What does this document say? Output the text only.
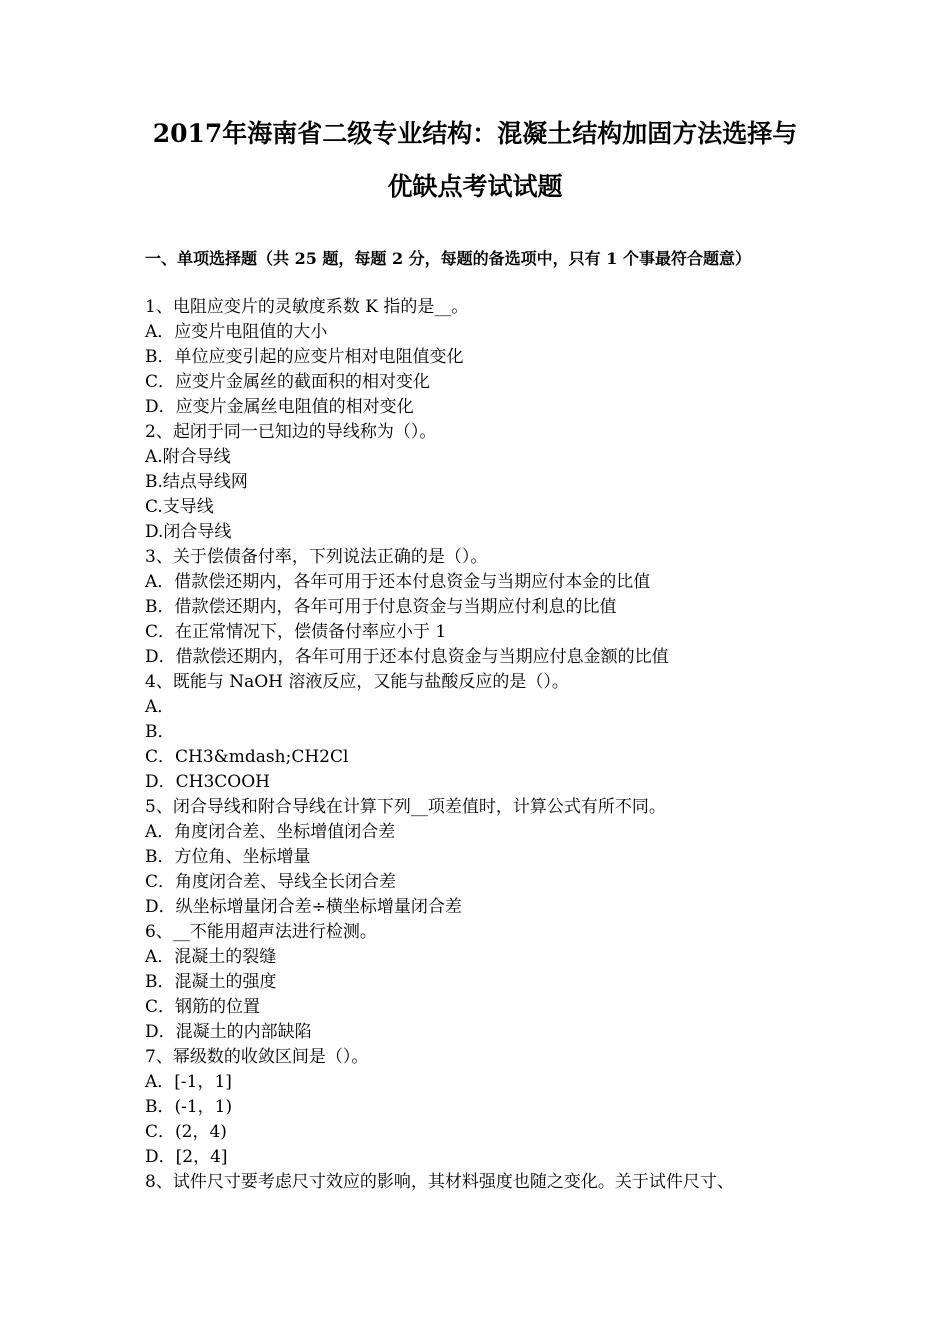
2017年海南省二级专业结构：混凝土结构加固方法选择与
优缺点考试试题
一、单项选择题（共 25 题，每题 2 分，每题的备选项中，只有 1 个事最符合题意）
1、电阻应变片的灵敏度系数 K 指的是__。
A．应变片电阻值的大小
B．单位应变引起的应变片相对电阻值变化
C．应变片金属丝的截面积的相对变化
D．应变片金属丝电阻值的相对变化
2、起闭于同一已知边的导线称为（）。
A.附合导线
B.结点导线网
C.支导线
D.闭合导线
3、关于偿债备付率，下列说法正确的是（）。
A．借款偿还期内，各年可用于还本付息资金与当期应付本金的比值
B．借款偿还期内，各年可用于付息资金与当期应付利息的比值
C．在正常情况下，偿债备付率应小于 1
D．借款偿还期内，各年可用于还本付息资金与当期应付息金额的比值
4、既能与 NaOH 溶液反应，又能与盐酸反应的是（）。
A．
B．
C．CH3&mdash;CH2Cl
D．CH3COOH
5、闭合导线和附合导线在计算下列__项差值时，计算公式有所不同。
A．角度闭合差、坐标增值闭合差
B．方位角、坐标增量
C．角度闭合差、导线全长闭合差
D．纵坐标增量闭合差÷横坐标增量闭合差
6、__不能用超声法进行检测。
A．混凝土的裂缝
B．混凝土的强度
C．钢筋的位置
D．混凝土的内部缺陷
7、幂级数的收敛区间是（）。
A．[-1，1]
B．(-1，1)
C．(2，4)
D．[2，4]
8、试件尺寸要考虑尺寸效应的影响，其材料强度也随之变化。关于试件尺寸、
